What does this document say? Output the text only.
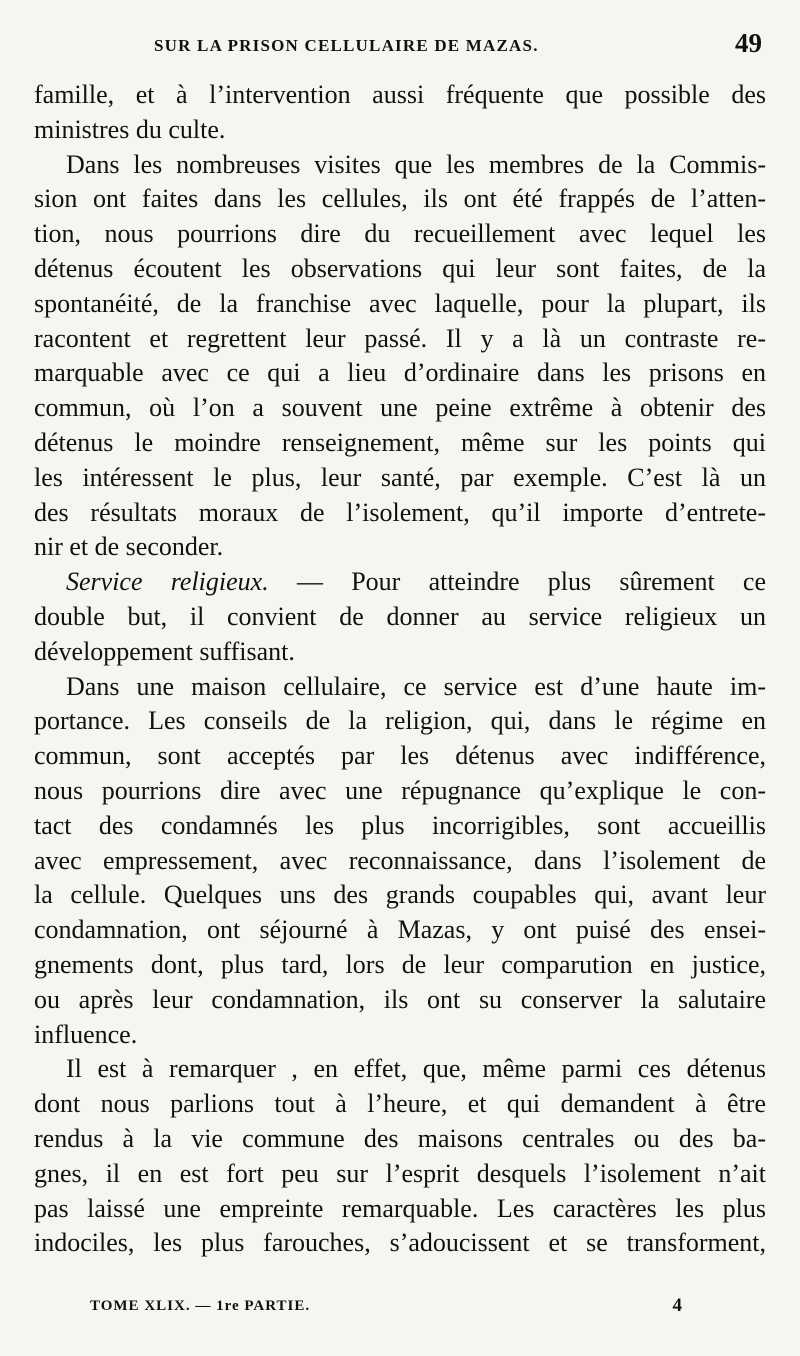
SUR LA PRISON CELLULAIRE DE MAZAS.	49
famille, et à l’intervention aussi fréquente que possible des
ministres du culte.
Dans les nombreuses visites que les membres de la Commis-
sion ont faites dans les cellules, ils ont été frappés de l’atten-
tion, nous pourrions dire du recueillement avec lequel les
détenus écoutent les observations qui leur sont faites, de la
spontanéité, de la franchise avec laquelle, pour la plupart, ils
racontent et regrettent leur passé. Il y a là un contraste re-
marquable avec ce qui a lieu d’ordinaire dans les prisons en
commun, où l’on a souvent une peine extrême à obtenir des
détenus le moindre renseignement, même sur les points qui
les intéressent le plus, leur santé, par exemple. C’est là un
des résultats moraux de l’isolement, qu’il importe d’entrete-
nir et de seconder.
Service religieux. — Pour atteindre plus sûrement ce
double but, il convient de donner au service religieux un
développement suffisant.
Dans une maison cellulaire, ce service est d’une haute im-
portance. Les conseils de la religion, qui, dans le régime en
commun, sont acceptés par les détenus avec indifférence,
nous pourrions dire avec une répugnance qu’explique le con-
tact des condamnés les plus incorrigibles, sont accueillis
avec empressement, avec reconnaissance, dans l’isolement de
la cellule. Quelques uns des grands coupables qui, avant leur
condamnation, ont séjourné à Mazas, y ont puisé des ensei-
gnements dont, plus tard, lors de leur comparution en justice,
ou après leur condamnation, ils ont su conserver la salutaire
influence.
Il est à remarquer , en effet, que, même parmi ces détenus
dont nous parlions tout à l’heure, et qui demandent à être
rendus à la vie commune des maisons centrales ou des ba-
gnes, il en est fort peu sur l’esprit desquels l’isolement n’ait
pas laissé une empreinte remarquable. Les caractères les plus
indociles, les plus farouches, s’adoucissent et se transforment,
TOME XLIX. — 1re PARTIE.	4
